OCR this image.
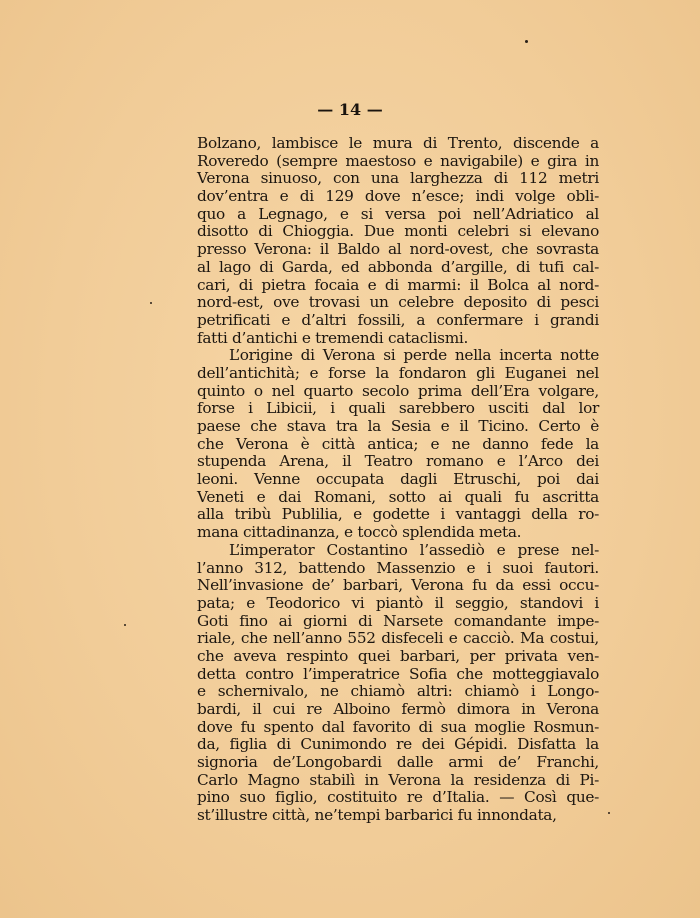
— 14 —
Bolzano, lambisce le mura di Trento, discende a
Roveredo (sempre maestoso e navigabile) e gira in
Verona sinuoso, con una larghezza di 112 metri
dov’entra e di 129 dove n’esce; indi volge obli-
quo a Legnago, e si versa poi nell’Adriatico al
disotto di Chioggia. Due monti celebri si elevano
presso Verona: il Baldo al nord-ovest, che sovrasta
al lago di Garda, ed abbonda d’argille, di tufi cal-
cari, di pietra focaia e di marmi: il Bolca al nord-
nord-est, ove trovasi un celebre deposito di pesci
petrificati e d’altri fossili, a confermare i grandi
fatti d’antichi e tremendi cataclismi.
L’origine di Verona si perde nella incerta notte
dell’antichità; e forse la fondaron gli Euganei nel
quinto o nel quarto secolo prima dell’Era volgare,
forse i Libicii, i quali sarebbero usciti dal lor
paese che stava tra la Sesia e il Ticino. Certo è
che Verona è città antica; e ne danno fede la
stupenda Arena, il Teatro romano e l’Arco dei
leoni. Venne occupata dagli Etruschi, poi dai
Veneti e dai Romani, sotto ai quali fu ascritta
alla tribù Publilia, e godette i vantaggi della ro-
mana cittadinanza, e toccò splendida meta.
L’imperator Costantino l’assediò e prese nel-
l’anno 312, battendo Massenzio e i suoi fautori.
Nell’invasione de’ barbari, Verona fu da essi occu-
pata; e Teodorico vi piantò il seggio, standovi i
Goti fino ai giorni di Narsete comandante impe-
riale, che nell’anno 552 disfeceli e cacciò. Ma costui,
che aveva respinto quei barbari, per privata ven-
detta contro l’imperatrice Sofia che motteggiavalo
e schernivalo, ne chiamò altri: chiamò i Longo-
bardi, il cui re Alboino fermò dimora in Verona
dove fu spento dal favorito di sua moglie Rosmun-
da, figlia di Cunimondo re dei Gépidi. Disfatta la
signoria de’Longobardi dalle armi de’ Franchi,
Carlo Magno stabilì in Verona la residenza di Pi-
pino suo figlio, costituito re d’Italia. — Così que-
st’illustre città, ne’tempi barbarici fu innondata,
